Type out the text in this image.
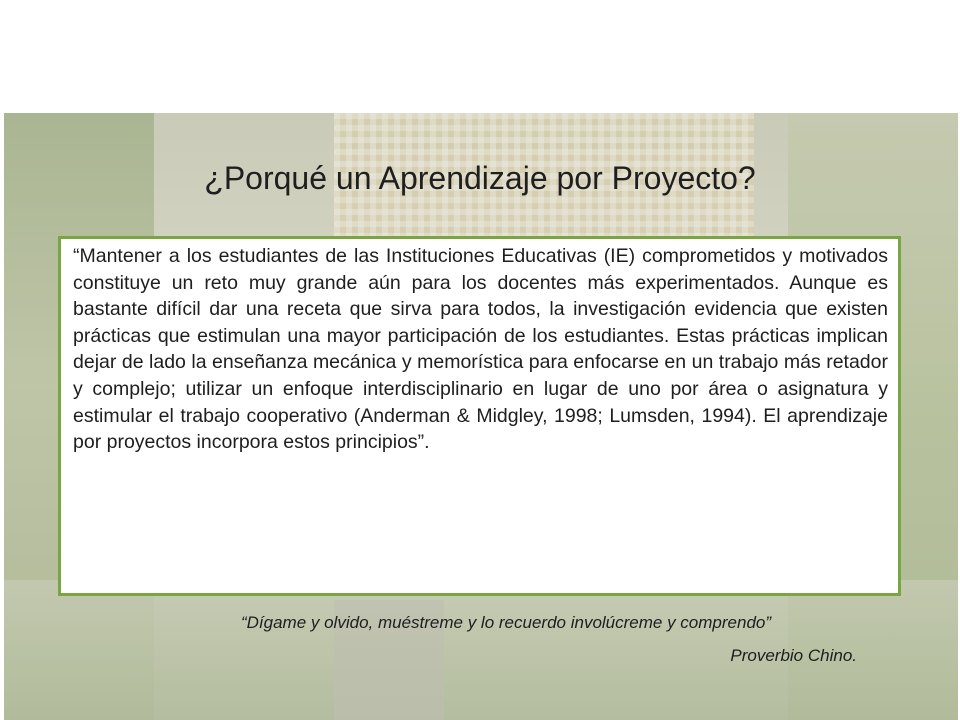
¿Porqué un Aprendizaje por Proyecto?
“Mantener a los estudiantes de las Instituciones Educativas (IE) comprometidos y motivados constituye un reto muy grande aún para los docentes más experimentados. Aunque es bastante difícil dar una receta que sirva para todos, la investigación evidencia que existen prácticas que estimulan una mayor participación de los estudiantes. Estas prácticas implican dejar de lado la enseñanza mecánica y memorística para enfocarse en un trabajo más retador y complejo; utilizar un enfoque interdisciplinario en lugar de uno por área o asignatura y estimular el trabajo cooperativo (Anderman & Midgley, 1998; Lumsden, 1994). El aprendizaje por proyectos incorpora estos principios”.
“Dígame y olvido, muéstreme y lo recuerdo involúcreme y comprendo”
Proverbio Chino.
